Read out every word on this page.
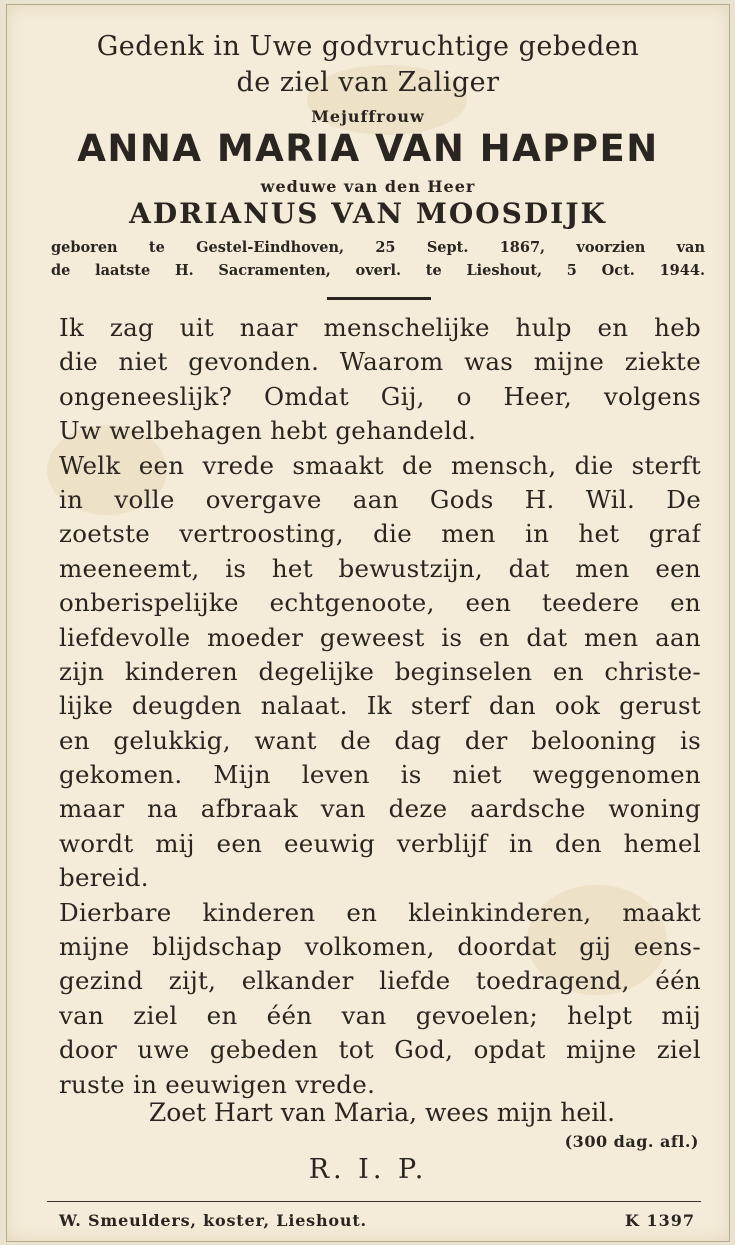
Gedenk in Uwe godvruchtige gebeden
de ziel van Zaliger
Mejuffrouw
ANNA MARIA VAN HAPPEN
weduwe van den Heer
ADRIANUS VAN MOOSDIJK
geboren te Gestel-Eindhoven, 25 Sept. 1867, voorzien van
de laatste H. Sacramenten, overl. te Lieshout, 5 Oct. 1944.
Ik zag uit naar menschelijke hulp en heb
die niet gevonden. Waarom was mijne ziekte
ongeneeslijk? Omdat Gij, o Heer, volgens
Uw welbehagen hebt gehandeld.
Welk een vrede smaakt de mensch, die sterft
in volle overgave aan Gods H. Wil. De
zoetste vertroosting, die men in het graf
meeneemt, is het bewustzijn, dat men een
onberispelijke echtgenoote, een teedere en
liefdevolle moeder geweest is en dat men aan
zijn kinderen degelijke beginselen en christe-
lijke deugden nalaat. Ik sterf dan ook gerust
en gelukkig, want de dag der belooning is
gekomen. Mijn leven is niet weggenomen
maar na afbraak van deze aardsche woning
wordt mij een eeuwig verblijf in den hemel
bereid.
Dierbare kinderen en kleinkinderen, maakt
mijne blijdschap volkomen, doordat gij eens-
gezind zijt, elkander liefde toedragend, één
van ziel en één van gevoelen; helpt mij
door uwe gebeden tot God, opdat mijne ziel
ruste in eeuwigen vrede.
Zoet Hart van Maria, wees mijn heil.
(300 dag. afl.)
R. I. P.
W. Smeulders, koster, Lieshout.	K 1397
